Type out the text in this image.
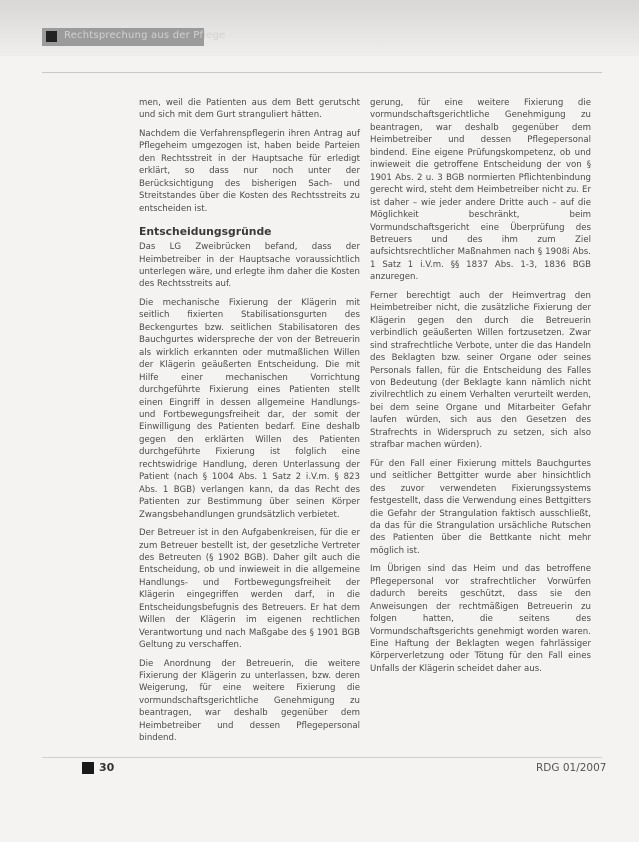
Rechtsprechung aus der Pflege

men, weil die Patienten aus dem Bett gerutscht und sich mit dem Gurt stranguliert hätten.

Nachdem die Verfahrenspflegerin ihren Antrag auf Pflegeheim umgezogen ist, haben beide Parteien den Rechtsstreit in der Hauptsache für erledigt erklärt, so dass nur noch unter der Berücksichtigung des bisherigen Sach- und Streitstandes über die Kosten des Rechtsstreits zu entscheiden ist.

Entscheidungsgründe

Das LG Zweibrücken befand, dass der Heimbetreiber in der Hauptsache voraussichtlich unterlegen wäre, und erlegte ihm daher die Kosten des Rechtsstreits auf.

Die mechanische Fixierung der Klägerin mit seitlich fixierten Stabilisationsgurten des Beckengurtes bzw. seitlichen Stabilisatoren des Bauchgurtes widerspreche der von der Betreuerin als wirklich erkannten oder mutmaßlichen Willen der Klägerin geäußerten Entscheidung. Die mit Hilfe einer mechanischen Vorrichtung durchgeführte Fixierung eines Patienten stellt einen Eingriff in dessen allgemeine Handlungs- und Fortbewegungsfreiheit dar, der somit der Einwilligung des Patienten bedarf. Eine deshalb gegen den erklärten Willen des Patienten durchgeführte Fixierung ist folglich eine rechtswidrige Handlung, deren Unterlassung der Patient (nach § 1004 Abs. 1 Satz 2 i.V.m. § 823 Abs. 1 BGB) verlangen kann, da das Recht des Patienten zur Bestimmung über seinen Körper Zwangsbehandlungen grundsätzlich verbietet.

Der Betreuer ist in den Aufgabenkreisen, für die er zum Betreuer bestellt ist, der gesetzliche Vertreter des Betreuten (§ 1902 BGB). Daher gilt auch die Entscheidung, ob und inwieweit in die allgemeine Handlungs- und Fortbewegungsfreiheit der Klägerin eingegriffen werden darf, in die Entscheidungsbefugnis des Betreuers. Er hat dem Willen der Klägerin im eigenen rechtlichen Verantwortung und nach Maßgabe des § 1901 BGB Geltung zu verschaffen.

Die Anordnung der Betreuerin, die weitere Fixierung der Klägerin zu unterlassen, bzw. deren Weigerung, für eine weitere Fixierung die vormundschaftsgerichtliche Genehmigung zu beantragen, war deshalb gegenüber dem Heimbetreiber und dessen Pflegepersonal bindend.

gerung, für eine weitere Fixierung die vormundschaftsgerichtliche Genehmigung zu beantragen, war deshalb gegenüber dem Heimbetreiber und dessen Pflegepersonal bindend. Eine eigene Prüfungskompetenz, ob und inwieweit die getroffene Entscheidung der von § 1901 Abs. 2 u. 3 BGB normierten Pflichtenbindung gerecht wird, steht dem Heimbetreiber nicht zu. Er ist daher – wie jeder andere Dritte auch – auf die Möglichkeit beschränkt, beim Vormundschaftsgericht eine Überprüfung des Betreuers und des ihm zum Ziel aufsichtsrechtlicher Maßnahmen nach § 1908i Abs. 1 Satz 1 i.V.m. §§ 1837 Abs. 1-3, 1836 BGB anzuregen.

Ferner berechtigt auch der Heimvertrag den Heimbetreiber nicht, die zusätzliche Fixierung der Klägerin gegen den durch die Betreuerin verbindlich geäußerten Willen fortzusetzen. Zwar sind strafrechtliche Verbote, unter die das Handeln des Beklagten bzw. seiner Organe oder seines Personals fallen, für die Entscheidung des Falles von Bedeutung (der Beklagte kann nämlich nicht zivilrechtlich zu einem Verhalten verurteilt werden, bei dem seine Organe und Mitarbeiter Gefahr laufen würden, sich aus den Gesetzen des Strafrechts in Widerspruch zu setzen, sich also strafbar machen würden).

Für den Fall einer Fixierung mittels Bauchgurtes und seitlicher Bettgitter wurde aber hinsichtlich des zuvor verwendeten Fixierungssystems festgestellt, dass die Verwendung eines Bettgitters die Gefahr der Strangulation faktisch ausschließt, da das für die Strangulation ursächliche Rutschen des Patienten über die Bettkante nicht mehr möglich ist.

Im Übrigen sind das Heim und das betroffene Pflegepersonal vor strafrechtlicher Vorwürfen dadurch bereits geschützt, dass sie den Anweisungen der rechtmäßigen Betreuerin zu folgen hatten, die seitens des Vormundschaftsgerichts genehmigt worden waren. Eine Haftung der Beklagten wegen fahrlässiger Körperverletzung oder Tötung für den Fall eines Unfalls der Klägerin scheidet daher aus.

30	RDG 01/2007
